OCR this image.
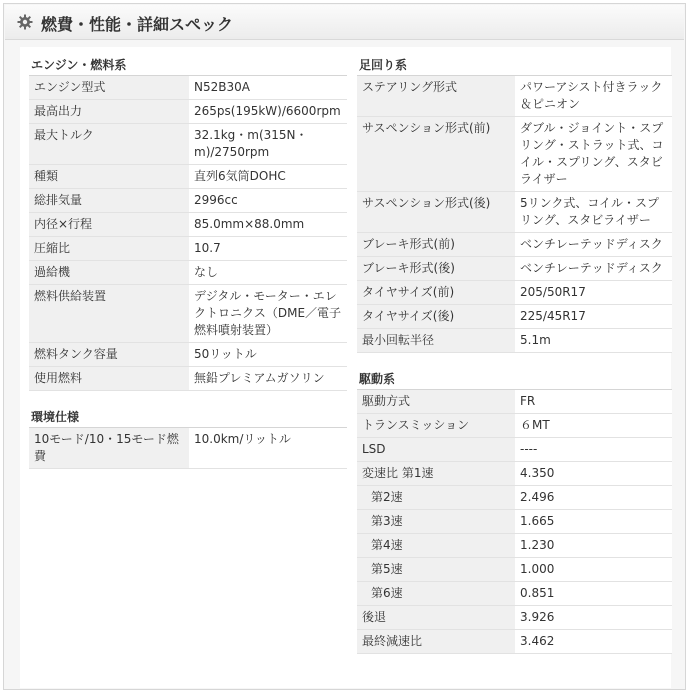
燃費・性能・詳細スペック
エンジン・燃料系
エンジン型式	N52B30A
最高出力	265ps(195kW)/6600rpm
最大トルク	32.1kg・m(315N・m)/2750rpm
種類	直列6気筒DOHC
総排気量	2996cc
内径×行程	85.0mm×88.0mm
圧縮比	10.7
過給機	なし
燃料供給装置	デジタル・モーター・エレクトロニクス（DME／電子燃料噴射装置）
燃料タンク容量	50リットル
使用燃料	無鉛プレミアムガソリン
環境仕様
10モード/10・15モード燃費	10.0km/リットル
足回り系
ステアリング形式	パワーアシスト付きラック＆ピニオン
サスペンション形式(前)	ダブル・ジョイント・スプリング・ストラット式、コイル・スプリング、スタビライザー
サスペンション形式(後)	5リンク式、コイル・スプリング、スタビライザー
ブレーキ形式(前)	ベンチレーテッドディスク
ブレーキ形式(後)	ベンチレーテッドディスク
タイヤサイズ(前)	205/50R17
タイヤサイズ(後)	225/45R17
最小回転半径	5.1m
駆動系
駆動方式	FR
トランスミッション	６MT
LSD	----
変速比 第1速	4.350
第2速	2.496
第3速	1.665
第4速	1.230
第5速	1.000
第6速	0.851
後退	3.926
最終減速比	3.462
